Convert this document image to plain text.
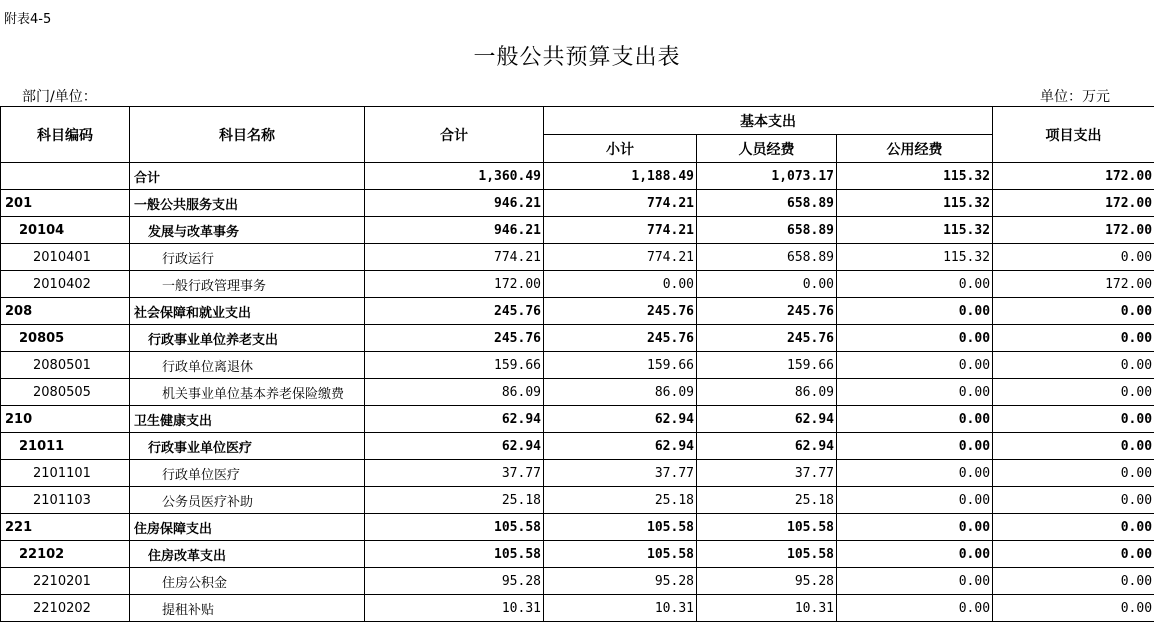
附表4-5
一般公共预算支出表
部门/单位：	单位：万元
科目编码	科目名称	合计	基本支出			项目支出
			小计	人员经费	公用经费	
	合计	1,360.49	1,188.49	1,073.17	115.32	172.00
201	一般公共服务支出	946.21	774.21	658.89	115.32	172.00
20104	发展与改革事务	946.21	774.21	658.89	115.32	172.00
2010401	行政运行	774.21	774.21	658.89	115.32	0.00
2010402	一般行政管理事务	172.00	0.00	0.00	0.00	172.00
208	社会保障和就业支出	245.76	245.76	245.76	0.00	0.00
20805	行政事业单位养老支出	245.76	245.76	245.76	0.00	0.00
2080501	行政单位离退休	159.66	159.66	159.66	0.00	0.00
2080505	机关事业单位基本养老保险缴费	86.09	86.09	86.09	0.00	0.00
210	卫生健康支出	62.94	62.94	62.94	0.00	0.00
21011	行政事业单位医疗	62.94	62.94	62.94	0.00	0.00
2101101	行政单位医疗	37.77	37.77	37.77	0.00	0.00
2101103	公务员医疗补助	25.18	25.18	25.18	0.00	0.00
221	住房保障支出	105.58	105.58	105.58	0.00	0.00
22102	住房改革支出	105.58	105.58	105.58	0.00	0.00
2210201	住房公积金	95.28	95.28	95.28	0.00	0.00
2210202	提租补贴	10.31	10.31	10.31	0.00	0.00
